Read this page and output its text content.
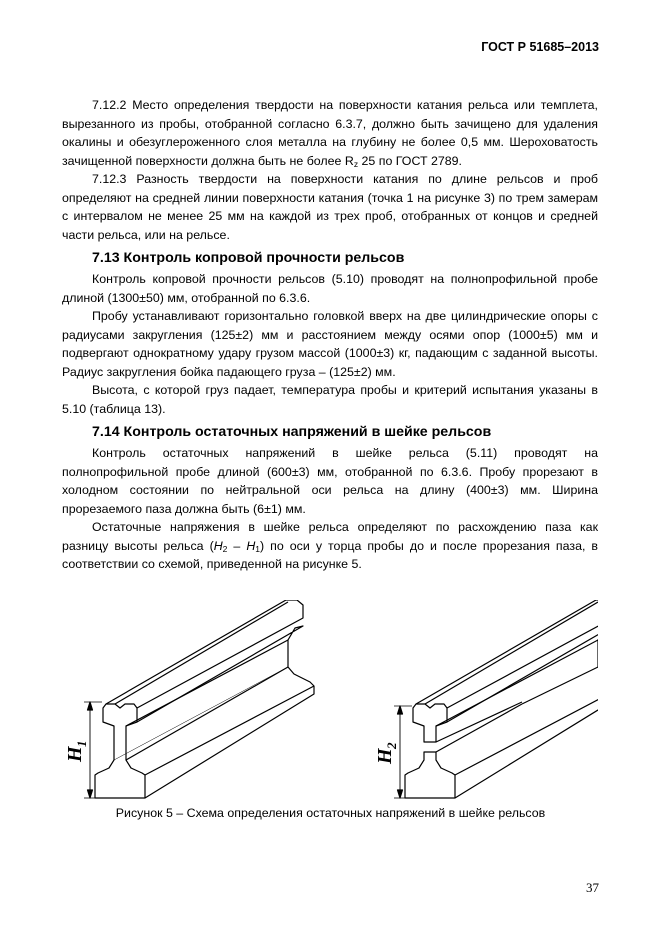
ГОСТ Р 51685–2013

7.12.2 Место определения твердости на поверхности катания рельса или темплета, вырезанного из пробы, отобранной согласно 6.3.7, должно быть зачищено для удаления окалины и обезуглероженного слоя металла на глубину не более 0,5 мм. Шероховатость зачищенной поверхности должна быть не более $R_z$ 25 по ГОСТ 2789.

7.12.3 Разность твердости на поверхности катания по длине рельсов и проб определяют на средней линии поверхности катания (точка 1 на рисунке 3) по трем замерам с интервалом не менее 25 мм на каждой из трех проб, отобранных от концов и средней части рельса, или на рельсе.

7.13 Контроль копровой прочности рельсов

Контроль копровой прочности рельсов (5.10) проводят на полнопрофильной пробе длиной (1300±50) мм, отобранной по 6.3.6.

Пробу устанавливают горизонтально головкой вверх на две цилиндрические опоры с радиусами закругления (125±2) мм и расстоянием между осями опор (1000±5) мм и подвергают однократному удару грузом массой (1000±3) кг, падающим с заданной высоты. Радиус закругления бойка падающего груза – (125±2) мм.

Высота, с которой груз падает, температура пробы и критерий испытания указаны в 5.10 (таблица 13).

7.14 Контроль остаточных напряжений в шейке рельсов

Контроль остаточных напряжений в шейке рельса (5.11) проводят на полнопрофильной пробе длиной (600±3) мм, отобранной по 6.3.6. Пробу прорезают в холодном состоянии по нейтральной оси рельса на длину (400±3) мм. Ширина прорезаемого паза должна быть (6±1) мм.

Остаточные напряжения в шейке рельса определяют по расхождению паза как разницу высоты рельса $(H_2 - H_1)$ по оси у торца пробы до и после прорезания паза, в соответствии со схемой, приведенной на рисунке 5.

H
1
H
2
Рисунок 5 – Схема определения остаточных напряжений в шейке рельсов
37
